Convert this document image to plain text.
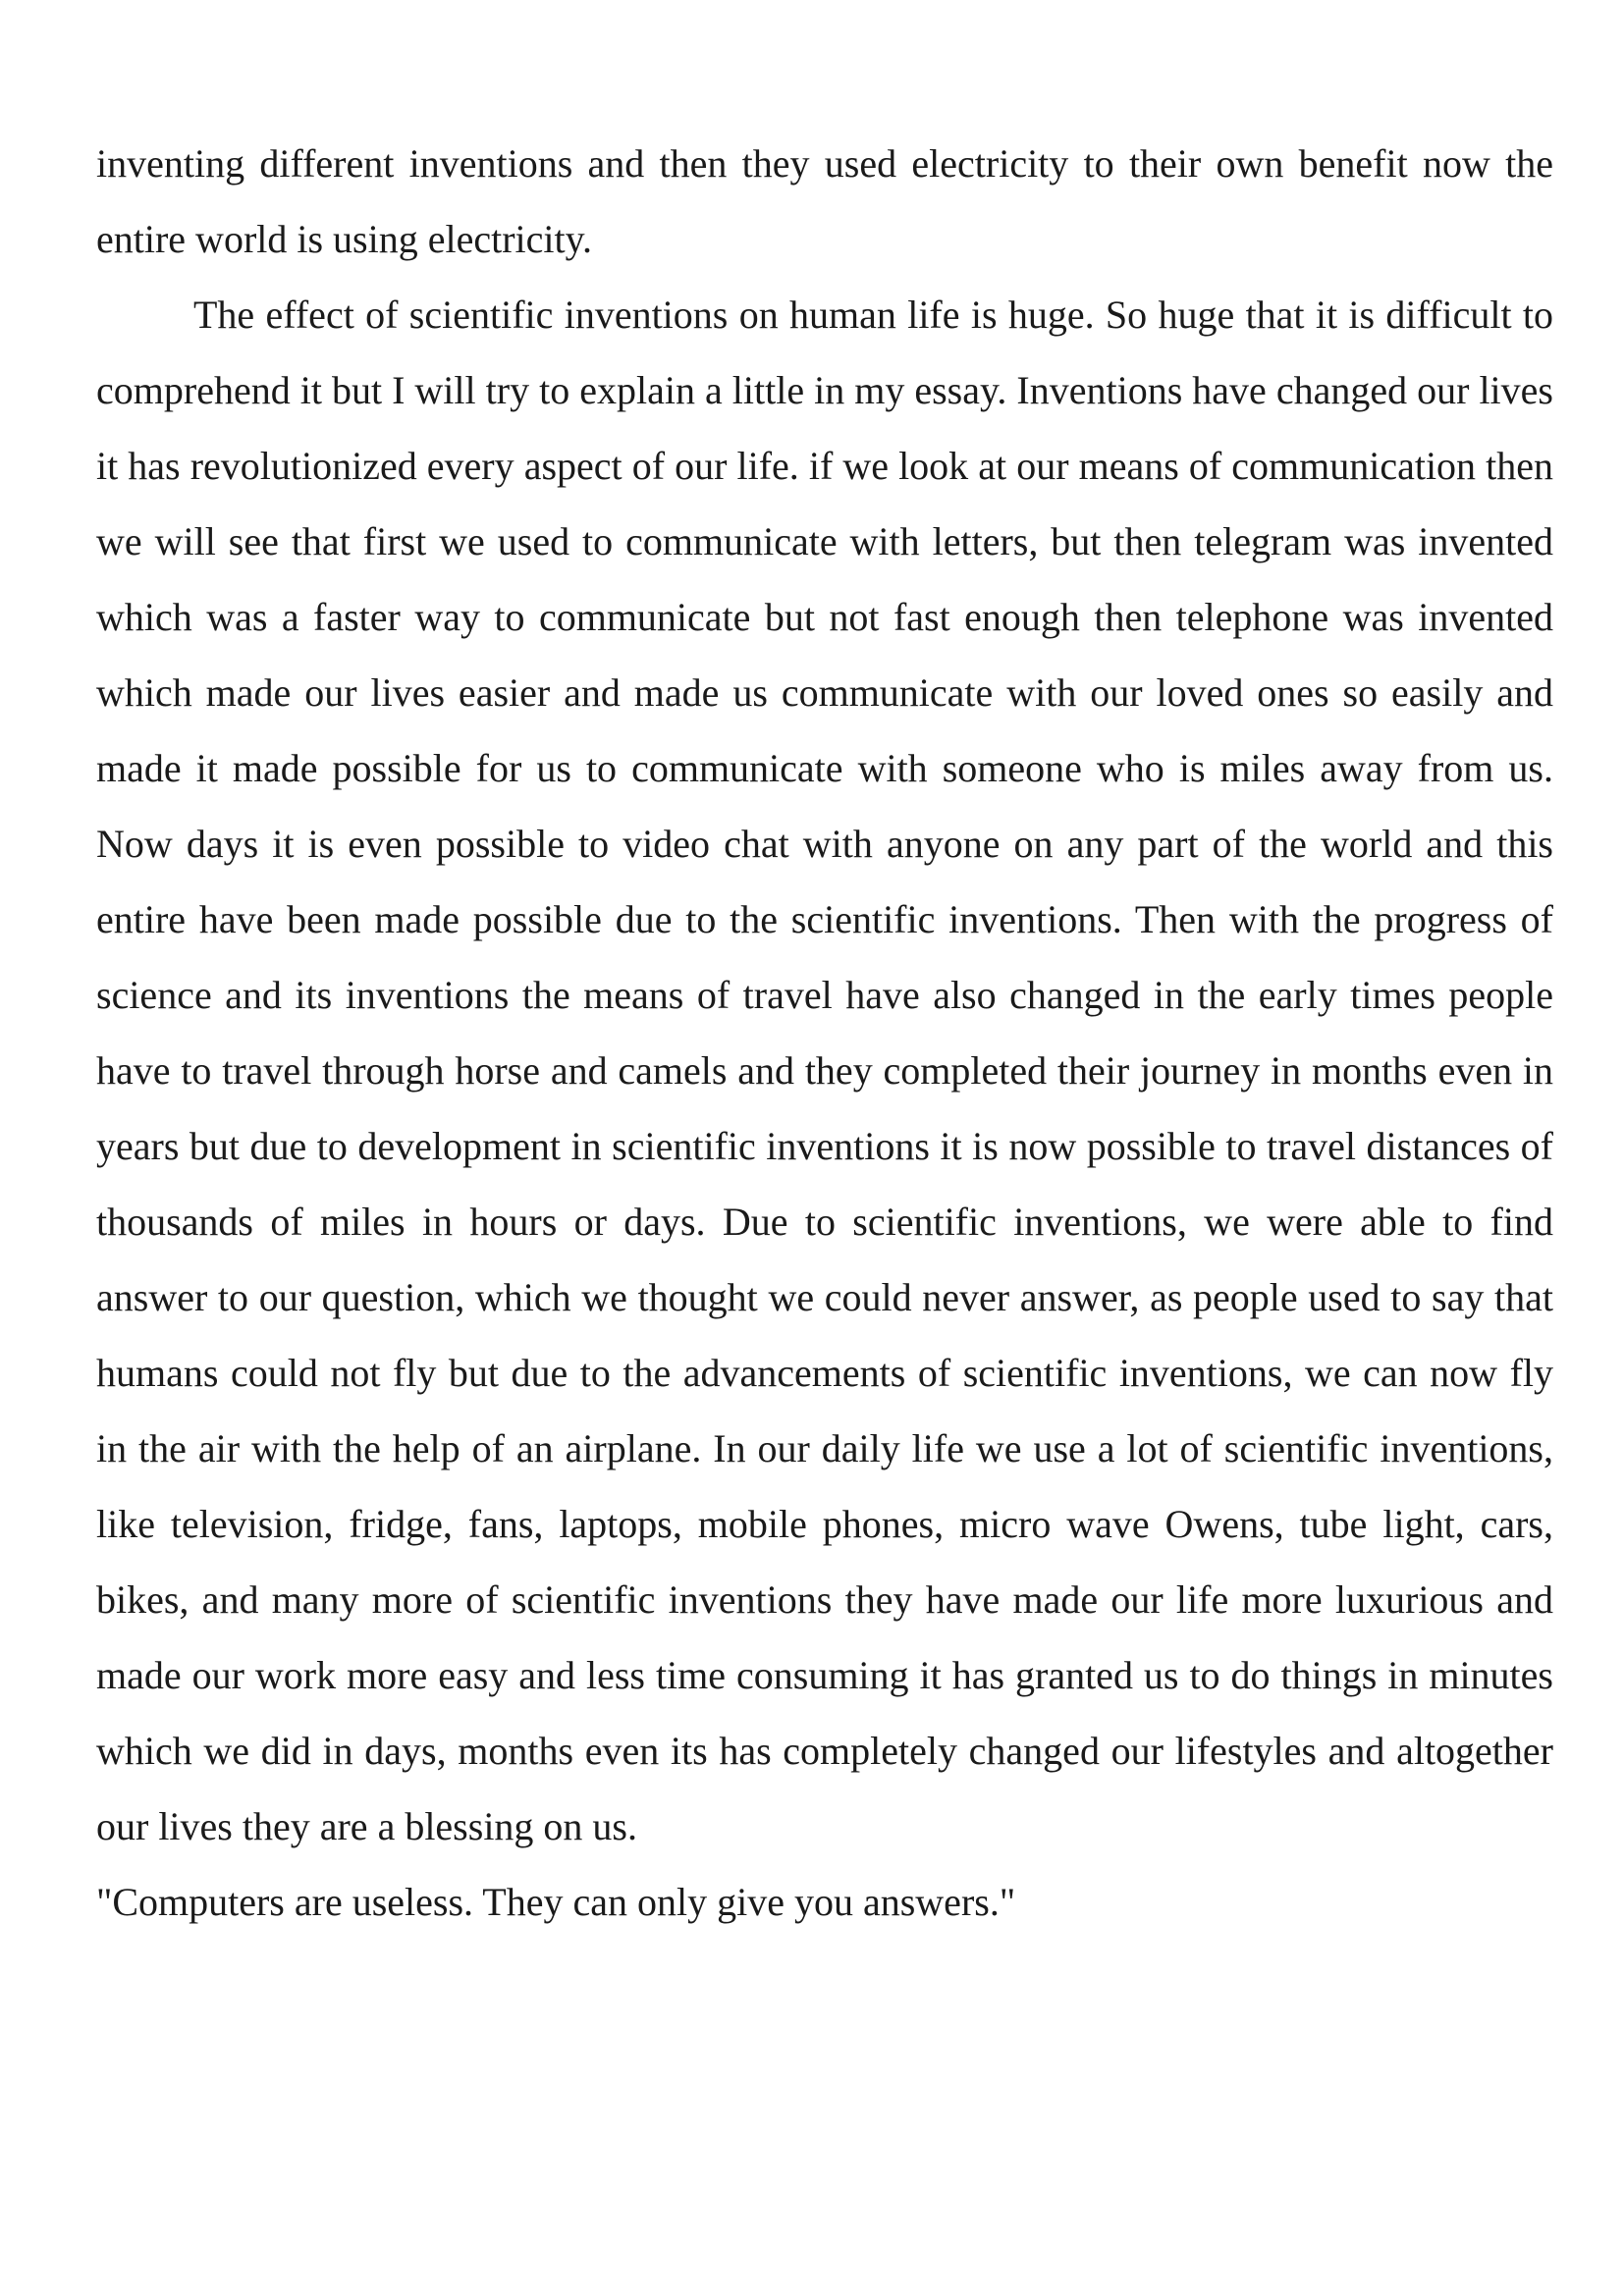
inventing different inventions and then they used electricity to their own benefit now the entire world is using electricity.

The effect of scientific inventions on human life is huge. So huge that it is difficult to comprehend it but I will try to explain a little in my essay. Inventions have changed our lives it has revolutionized every aspect of our life. if we look at our means of communication then we will see that first we used to communicate with letters, but then telegram was invented which was a faster way to communicate but not fast enough then telephone was invented which made our lives easier and made us communicate with our loved ones so easily and made it made possible for us to communicate with someone who is miles away from us. Now days it is even possible to video chat with anyone on any part of the world and this entire have been made possible due to the scientific inventions. Then with the progress of science and its inventions the means of travel have also changed in the early times people have to travel through horse and camels and they completed their journey in months even in years but due to development in scientific inventions it is now possible to travel distances of thousands of miles in hours or days. Due to scientific inventions, we were able to find answer to our question, which we thought we could never answer, as people used to say that humans could not fly but due to the advancements of scientific inventions, we can now fly in the air with the help of an airplane. In our daily life we use a lot of scientific inventions, like television, fridge, fans, laptops, mobile phones, micro wave Owens, tube light, cars, bikes, and many more of scientific inventions they have made our life more luxurious and made our work more easy and less time consuming it has granted us to do things in minutes which we did in days, months even its has completely changed our lifestyles and altogether our lives they are a blessing on us.

"Computers are useless. They can only give you answers."
